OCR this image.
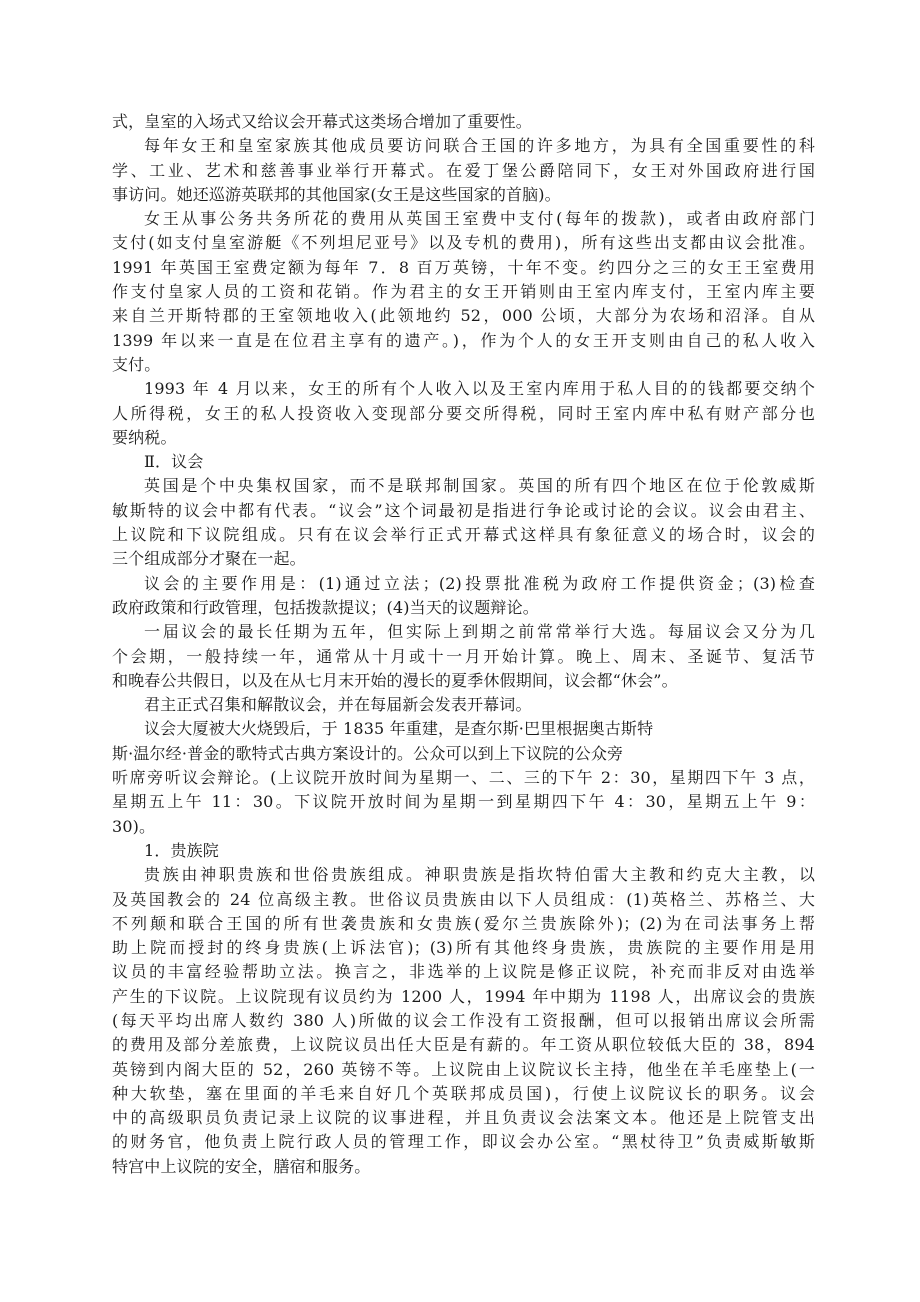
式，皇室的入场式又给议会开幕式这类场合增加了重要性。
每年女王和皇室家族其他成员要访问联合王国的许多地方，为具有全国重要性的科
学、工业、艺术和慈善事业举行开幕式。在爱丁堡公爵陪同下，女王对外国政府进行国
事访问。她还巡游英联邦的其他国家(女王是这些国家的首脑)。
女王从事公务共务所花的费用从英国王室费中支付(每年的拨款)，或者由政府部门
支付(如支付皇室游艇《不列坦尼亚号》以及专机的费用)，所有这些出支都由议会批准。
1991 年英国王室费定额为每年 7．8 百万英镑，十年不变。约四分之三的女王王室费用
作支付皇家人员的工资和花销。作为君主的女王开销则由王室内库支付，王室内库主要
来自兰开斯特郡的王室领地收入(此领地约 52，000 公顷，大部分为农场和沼泽。自从
1399 年以来一直是在位君主享有的遗产。)，作为个人的女王开支则由自己的私人收入
支付。
1993 年 4 月以来，女王的所有个人收入以及王室内库用于私人目的的钱都要交纳个
人所得税，女王的私人投资收入变现部分要交所得税，同时王室内库中私有财产部分也
要纳税。
Ⅱ．议会
英国是个中央集权国家，而不是联邦制国家。英国的所有四个地区在位于伦敦威斯
敏斯特的议会中都有代表。“议会”这个词最初是指进行争论或讨论的会议。议会由君主、
上议院和下议院组成。只有在议会举行正式开幕式这样具有象征意义的场合时，议会的
三个组成部分才聚在一起。
议会的主要作用是：(1)通过立法；(2)投票批准税为政府工作提供资金；(3)检查
政府政策和行政管理，包括拨款提议；(4)当天的议题辩论。
一届议会的最长任期为五年，但实际上到期之前常常举行大选。每届议会又分为几
个会期，一般持续一年，通常从十月或十一月开始计算。晚上、周末、圣诞节、复活节
和晚春公共假日，以及在从七月末开始的漫长的夏季休假期间，议会都“休会”。
君主正式召集和解散议会，并在每届新会发表开幕词。
议会大厦被大火烧毁后，于 1835 年重建，是查尔斯·巴里根据奥古斯特
斯·温尔经·普金的歌特式古典方案设计的。公众可以到上下议院的公众旁
听席旁听议会辩论。(上议院开放时间为星期一、二、三的下午 2：30，星期四下午 3 点，
星期五上午 11：30。下议院开放时间为星期一到星期四下午 4：30，星期五上午 9：
30)。
1．贵族院
贵族由神职贵族和世俗贵族组成。神职贵族是指坎特伯雷大主教和约克大主教，以
及英国教会的 24 位高级主教。世俗议员贵族由以下人员组成：(1)英格兰、苏格兰、大
不列颠和联合王国的所有世袭贵族和女贵族(爱尔兰贵族除外)；(2)为在司法事务上帮
助上院而授封的终身贵族(上诉法官)；(3)所有其他终身贵族，贵族院的主要作用是用
议员的丰富经验帮助立法。换言之，非选举的上议院是修正议院，补充而非反对由选举
产生的下议院。上议院现有议员约为 1200 人，1994 年中期为 1198 人，出席议会的贵族
(每天平均出席人数约 380 人)所做的议会工作没有工资报酬，但可以报销出席议会所需
的费用及部分差旅费，上议院议员出任大臣是有薪的。年工资从职位较低大臣的 38，894
英镑到内阁大臣的 52，260 英镑不等。上议院由上议院议长主持，他坐在羊毛座垫上(一
种大软垫，塞在里面的羊毛来自好几个英联邦成员国)，行使上议院议长的职务。议会
中的高级职员负责记录上议院的议事进程，并且负责议会法案文本。他还是上院管支出
的财务官，他负责上院行政人员的管理工作，即议会办公室。“黑杖待卫”负责威斯敏斯
特宫中上议院的安全，膳宿和服务。
